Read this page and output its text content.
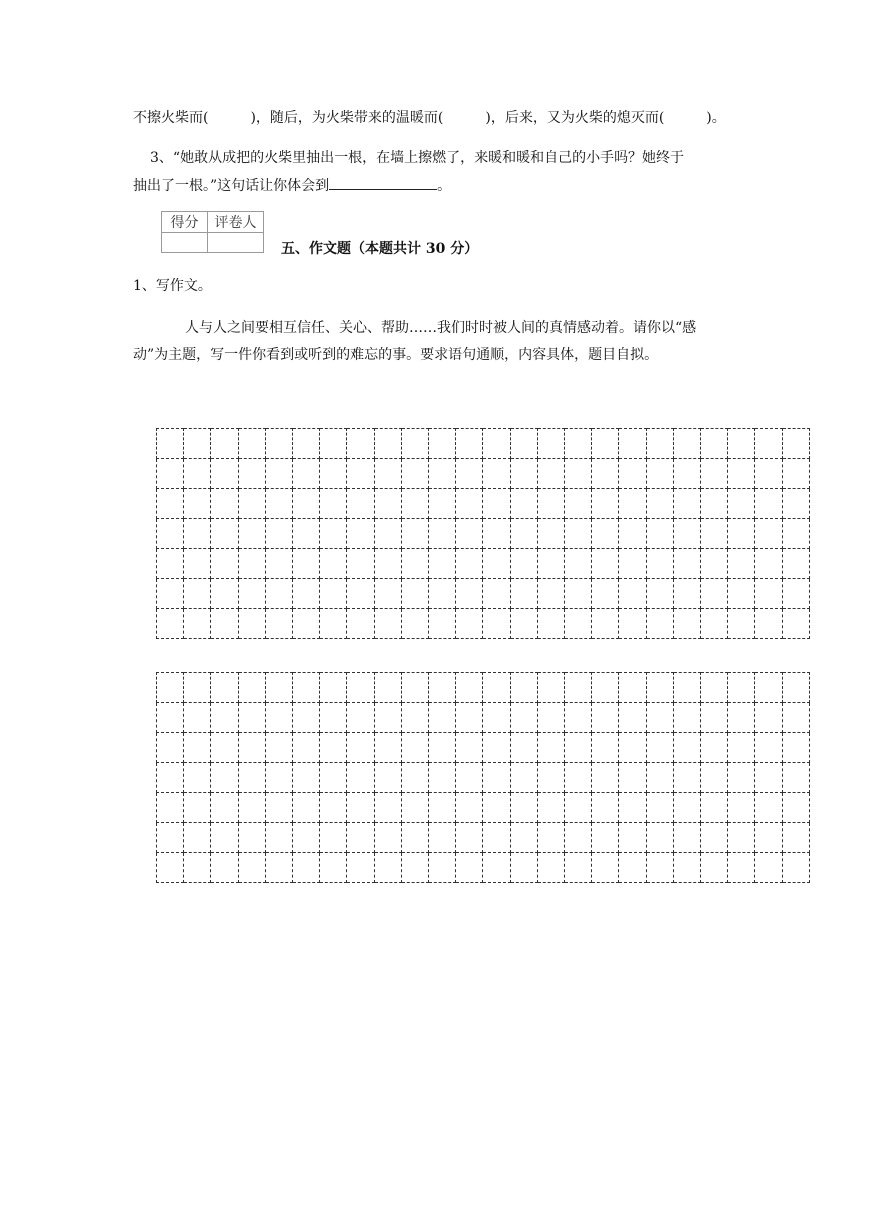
不擦火柴而(　　　)，随后，为火柴带来的温暖而(　　　)，后来，又为火柴的熄灭而(　　　)。
3、“她敢从成把的火柴里抽出一根，在墙上擦燃了，来暖和暖和自己的小手吗？她终于
抽出了一根。”这句话让你体会到	。
得分	评卷人

五、作文题（本题共计 30 分）
1、写作文。
人与人之间要相互信任、关心、帮助……我们时时被人间的真情感动着。请你以“感
动”为主题，写一件你看到或听到的难忘的事。要求语句通顺，内容具体，题目自拟。
